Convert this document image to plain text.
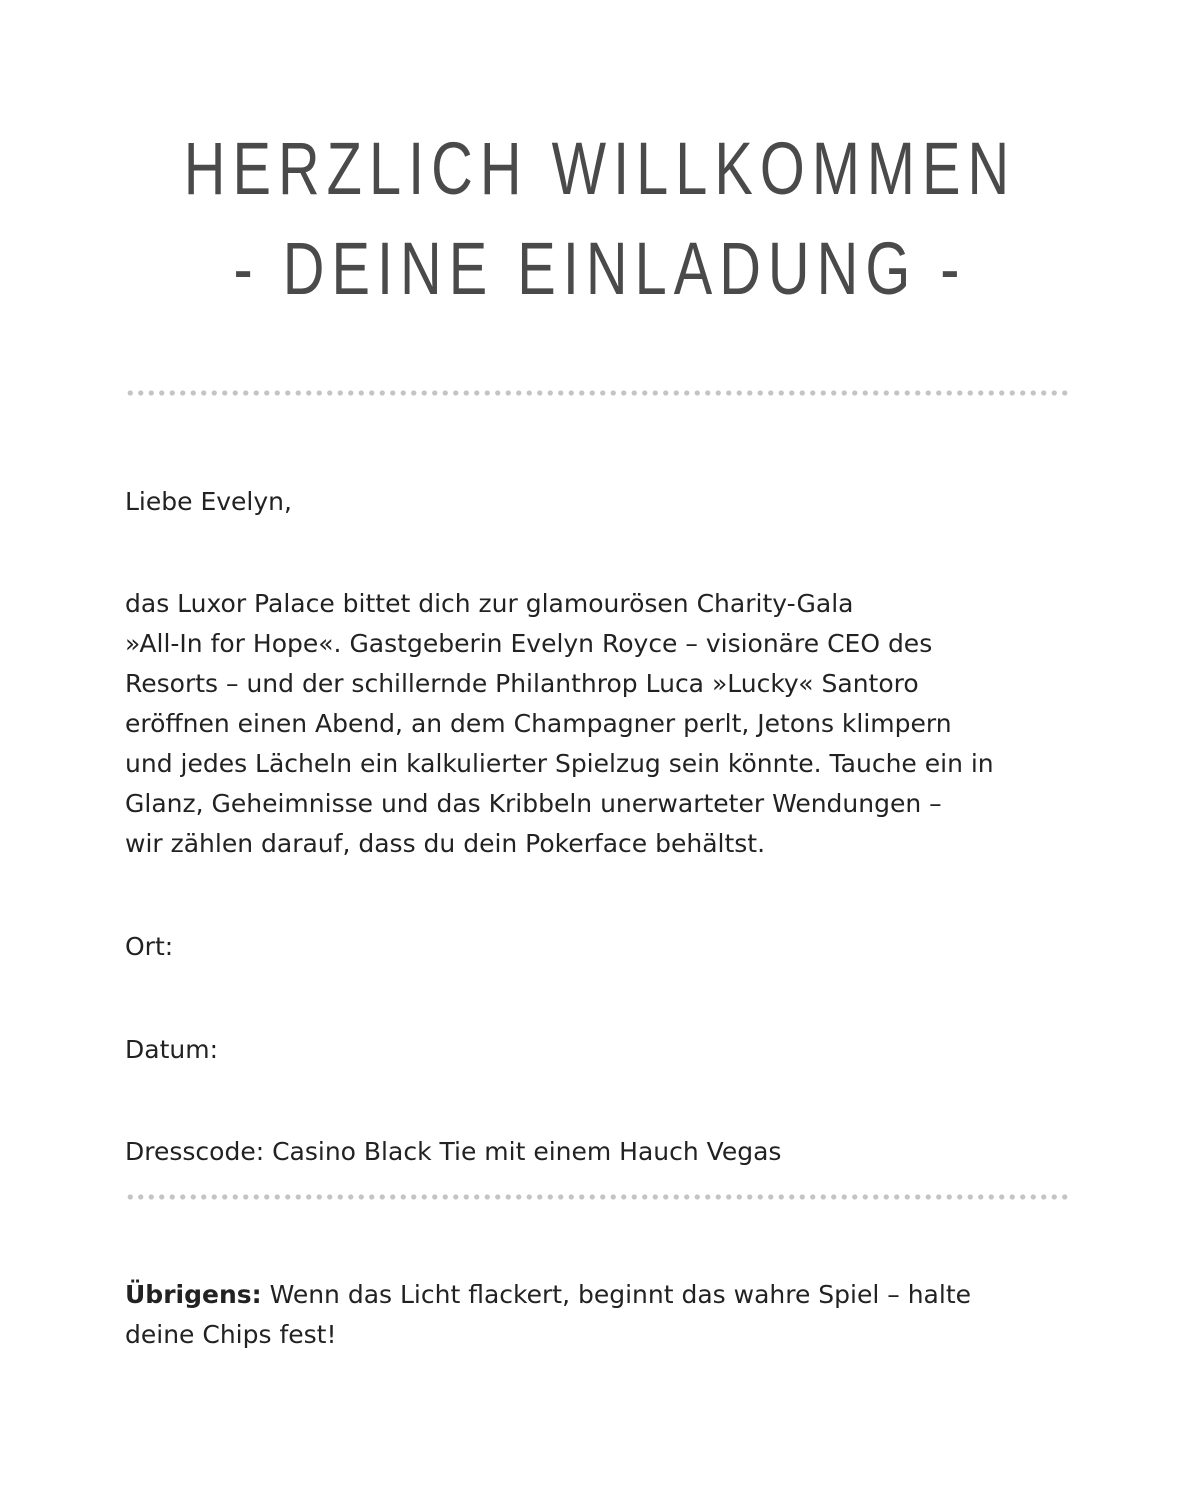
HERZLICH WILLKOMMEN
- DEINE EINLADUNG -

Liebe Evelyn,

das Luxor Palace bittet dich zur glamourösen Charity-Gala
»All-In for Hope«. Gastgeberin Evelyn Royce – visionäre CEO des
Resorts – und der schillernde Philanthrop Luca »Lucky« Santoro
eröffnen einen Abend, an dem Champagner perlt, Jetons klimpern
und jedes Lächeln ein kalkulierter Spielzug sein könnte. Tauche ein in
Glanz, Geheimnisse und das Kribbeln unerwarteter Wendungen –
wir zählen darauf, dass du dein Pokerface behältst.

Ort:

Datum:

Dresscode: Casino Black Tie mit einem Hauch Vegas

Übrigens: Wenn das Licht flackert, beginnt das wahre Spiel – halte
deine Chips fest!
